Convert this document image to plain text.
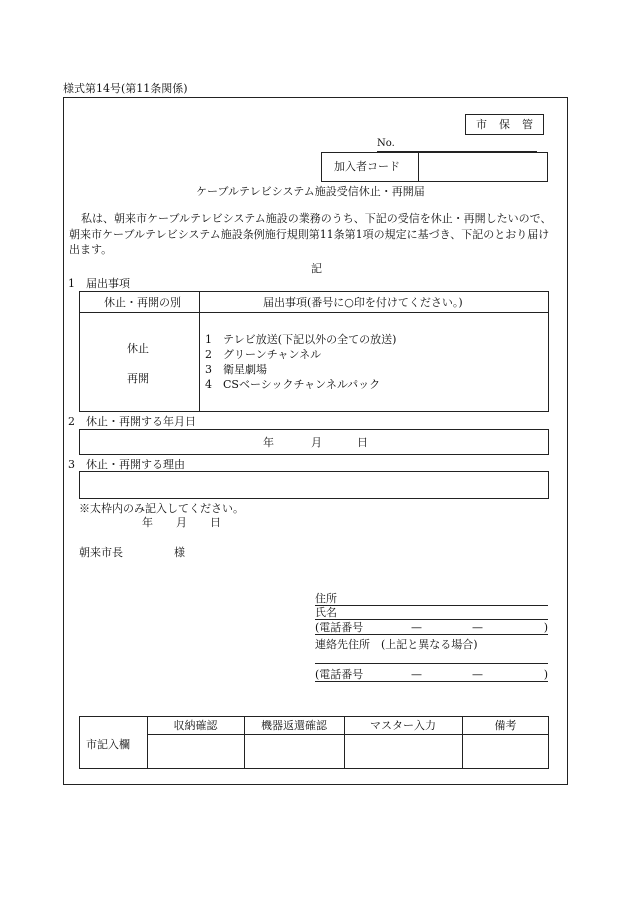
様式第14号(第11条関係)
市 保 管
No.
加入者コード
ケーブルテレビシステム施設受信休止・再開届

私は、朝来市ケーブルテレビシステム施設の業務のうち、下記の受信を休止・再開したいので、朝来市ケーブルテレビシステム施設条例施行規則第11条第1項の規定に基づき、下記のとおり届け出ます。

記
1　届出事項
休止・再開の別	届出事項(番号に○印を付けてください。)
休止
再開
1　テレビ放送(下記以外の全ての放送)
2　グリーンチャンネル
3　衛星劇場
4　CSベーシックチャンネルパック
2　休止・再開する年月日
年	月	日
3　休止・再開する理由
※太枠内のみ記入してください。
年 月 日
朝来市長	様
住所
氏名
(電話番号	—	—	)
連絡先住所　(上記と異なる場合)
(電話番号	—	—	)
市記入欄
収納確認	機器返還確認	マスター入力	備考
